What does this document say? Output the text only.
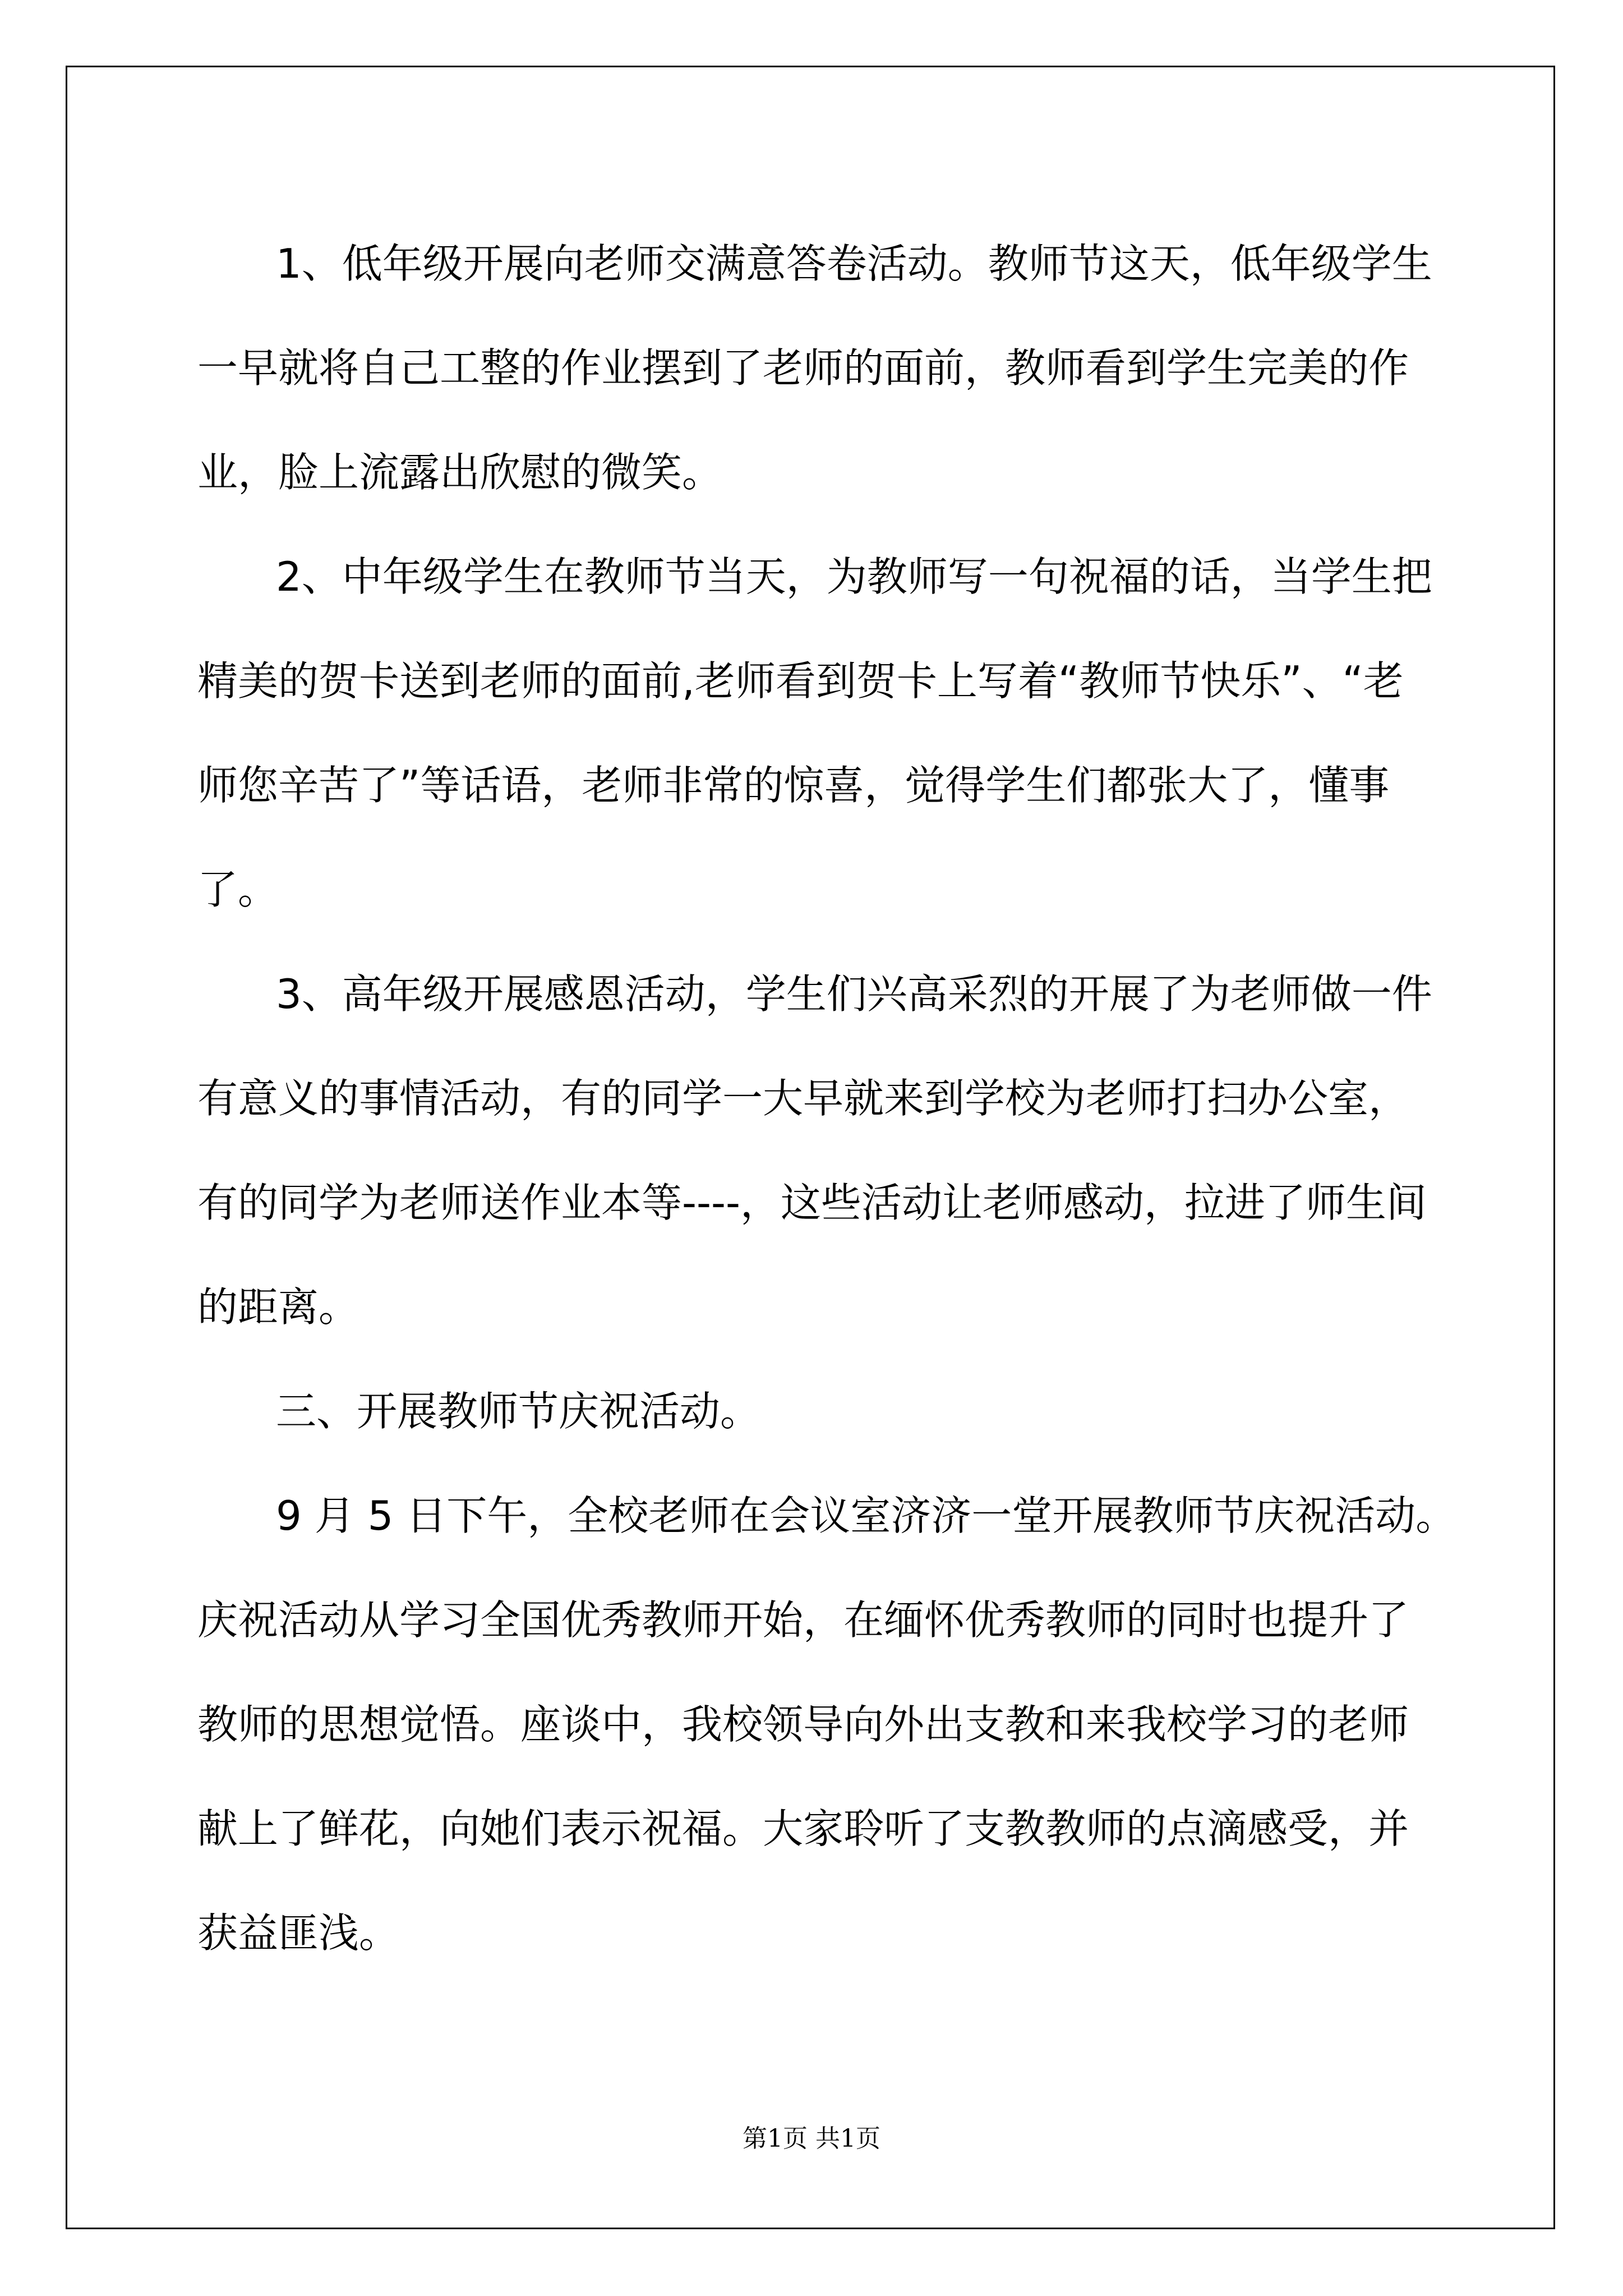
1、低年级开展向老师交满意答卷活动。教师节这天，低年级学生
一早就将自己工整的作业摆到了老师的面前，教师看到学生完美的作
业，脸上流露出欣慰的微笑。
2、中年级学生在教师节当天，为教师写一句祝福的话，当学生把
精美的贺卡送到老师的面前,老师看到贺卡上写着“教师节快乐”、“老
师您辛苦了”等话语，老师非常的惊喜，觉得学生们都张大了，懂事
了。
3、高年级开展感恩活动，学生们兴高采烈的开展了为老师做一件
有意义的事情活动，有的同学一大早就来到学校为老师打扫办公室，
有的同学为老师送作业本等----，这些活动让老师感动，拉进了师生间
的距离。
三、开展教师节庆祝活动。
9 月 5 日下午，全校老师在会议室济济一堂开展教师节庆祝活动。
庆祝活动从学习全国优秀教师开始，在缅怀优秀教师的同时也提升了
教师的思想觉悟。座谈中，我校领导向外出支教和来我校学习的老师
献上了鲜花，向她们表示祝福。大家聆听了支教教师的点滴感受，并
获益匪浅。
第1页 共1页
